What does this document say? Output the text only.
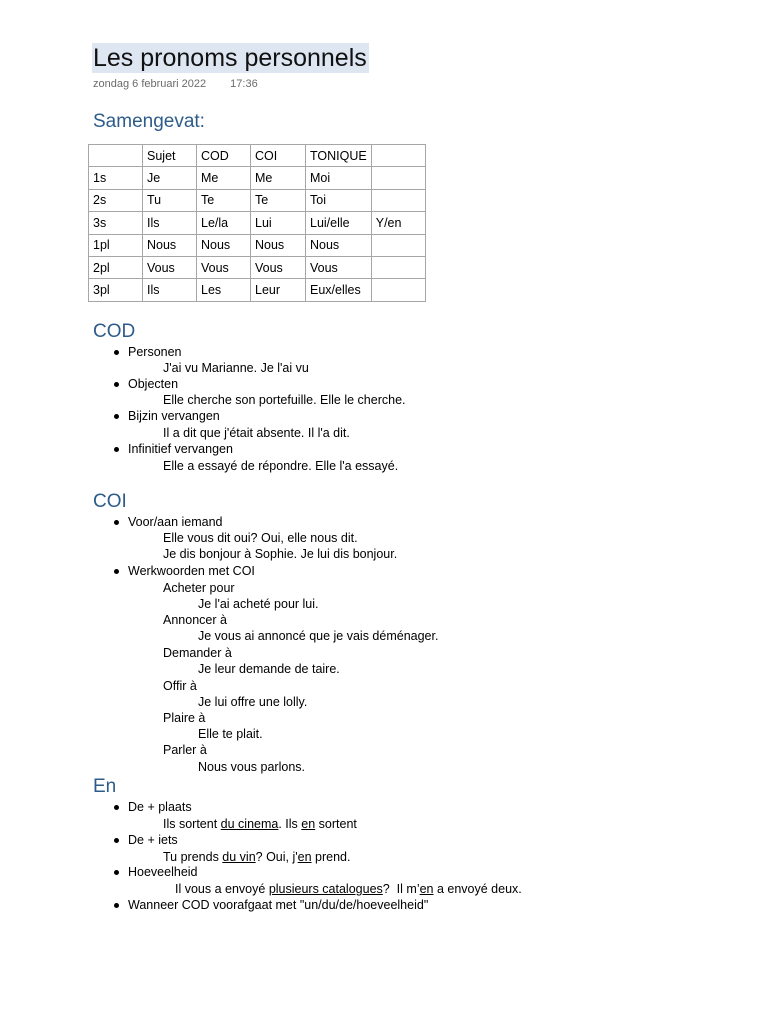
Les pronoms personnels
zondag 6 februari 2022 17:36
Samengevat:
	Sujet	COD	COI	TONIQUE	
1s	Je	Me	Me	Moi	
2s	Tu	Te	Te	Toi	
3s	Ils	Le/la	Lui	Lui/elle	Y/en
1pl	Nous	Nous	Nous	Nous	
2pl	Vous	Vous	Vous	Vous	
3pl	Ils	Les	Leur	Eux/elles	
COD
Personen
J'ai vu Marianne. Je l'ai vu
Objecten
Elle cherche son portefuille. Elle le cherche.
Bijzin vervangen
Il a dit que j'était absente. Il l'a dit.
Infinitief vervangen
Elle a essayé de répondre. Elle l'a essayé.
COI
Voor/aan iemand
Elle vous dit oui? Oui, elle nous dit.
Je dis bonjour à Sophie. Je lui dis bonjour.
Werkwoorden met COI
Acheter pour
Je l'ai acheté pour lui.
Annoncer à
Je vous ai annoncé que je vais déménager.
Demander à
Je leur demande de taire.
Offir à
Je lui offre une lolly.
Plaire à
Elle te plait.
Parler à
Nous vous parlons.
En
De + plaats
Ils sortent du cinema. Ils en sortent
De + iets
Tu prends du vin? Oui, j'en prend.
Hoeveelheid
Il vous a envoyé plusieurs catalogues?  Il m’en a envoyé deux.
Wanneer COD voorafgaat met "un/du/de/hoeveelheid"
